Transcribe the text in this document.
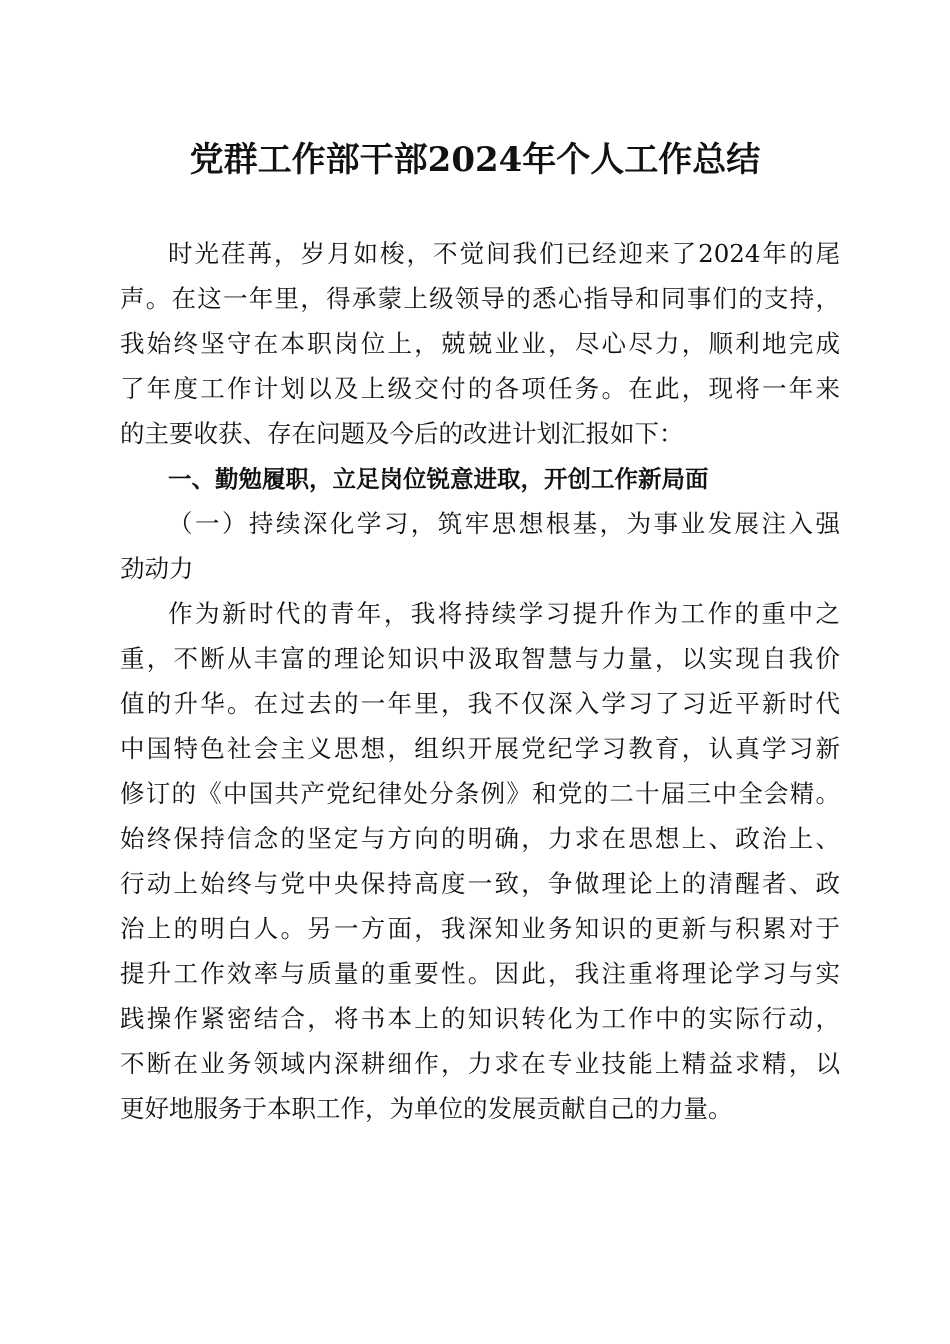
党群工作部干部2024年个人工作总结
时光荏苒，岁月如梭，不觉间我们已经迎来了2024年的尾
声。在这一年里，得承蒙上级领导的悉心指导和同事们的支持，
我始终坚守在本职岗位上，兢兢业业，尽心尽力，顺利地完成
了年度工作计划以及上级交付的各项任务。在此，现将一年来
的主要收获、存在问题及今后的改进计划汇报如下：
一、勤勉履职，立足岗位锐意进取，开创工作新局面
（一）持续深化学习，筑牢思想根基，为事业发展注入强
劲动力
作为新时代的青年，我将持续学习提升作为工作的重中之
重，不断从丰富的理论知识中汲取智慧与力量，以实现自我价
值的升华。在过去的一年里，我不仅深入学习了习近平新时代
中国特色社会主义思想，组织开展党纪学习教育，认真学习新
修订的《中国共产党纪律处分条例》和党的二十届三中全会精。
始终保持信念的坚定与方向的明确，力求在思想上、政治上、
行动上始终与党中央保持高度一致，争做理论上的清醒者、政
治上的明白人。另一方面，我深知业务知识的更新与积累对于
提升工作效率与质量的重要性。因此，我注重将理论学习与实
践操作紧密结合，将书本上的知识转化为工作中的实际行动，
不断在业务领域内深耕细作，力求在专业技能上精益求精，以
更好地服务于本职工作，为单位的发展贡献自己的力量。
